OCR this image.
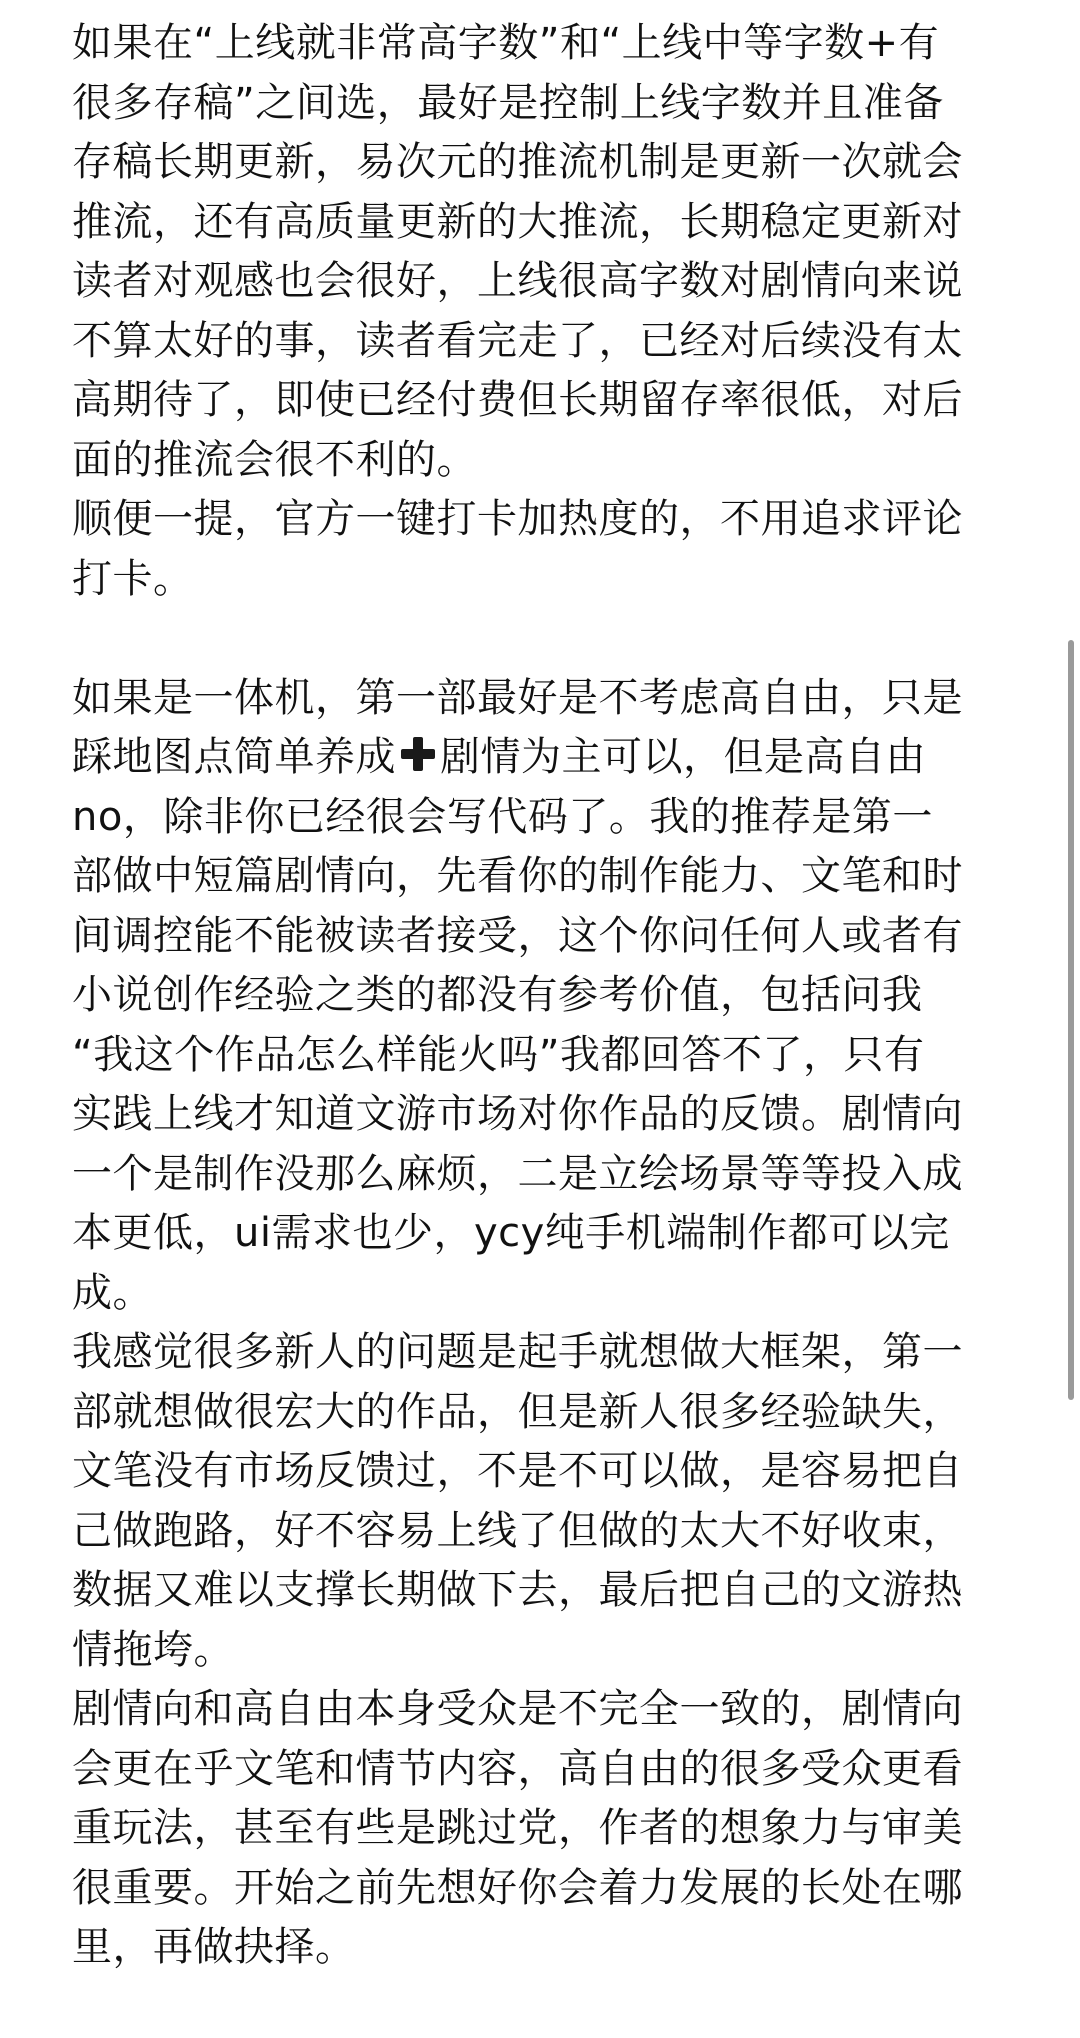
如果在“上线就非常高字数”和“上线中等字数+有
很多存稿”之间选，最好是控制上线字数并且准备
存稿长期更新，易次元的推流机制是更新一次就会
推流，还有高质量更新的大推流，长期稳定更新对
读者对观感也会很好，上线很高字数对剧情向来说
不算太好的事，读者看完走了，已经对后续没有太
高期待了，即使已经付费但长期留存率很低，对后
面的推流会很不利的。
顺便一提，官方一键打卡加热度的，不用追求评论
打卡。
如果是一体机，第一部最好是不考虑高自由，只是
踩地图点简单养成 剧情为主可以，但是高自由
no，除非你已经很会写代码了。我的推荐是第一
部做中短篇剧情向，先看你的制作能力、文笔和时
间调控能不能被读者接受，这个你问任何人或者有
小说创作经验之类的都没有参考价值，包括问我
“我这个作品怎么样能火吗”我都回答不了，只有
实践上线才知道文游市场对你作品的反馈。剧情向
一个是制作没那么麻烦，二是立绘场景等等投入成
本更低，ui需求也少，ycy纯手机端制作都可以完
成。
我感觉很多新人的问题是起手就想做大框架，第一
部就想做很宏大的作品，但是新人很多经验缺失，
文笔没有市场反馈过，不是不可以做，是容易把自
己做跑路，好不容易上线了但做的太大不好收束，
数据又难以支撑长期做下去，最后把自己的文游热
情拖垮。
剧情向和高自由本身受众是不完全一致的，剧情向
会更在乎文笔和情节内容，高自由的很多受众更看
重玩法，甚至有些是跳过党，作者的想象力与审美
很重要。开始之前先想好你会着力发展的长处在哪
里，再做抉择。
